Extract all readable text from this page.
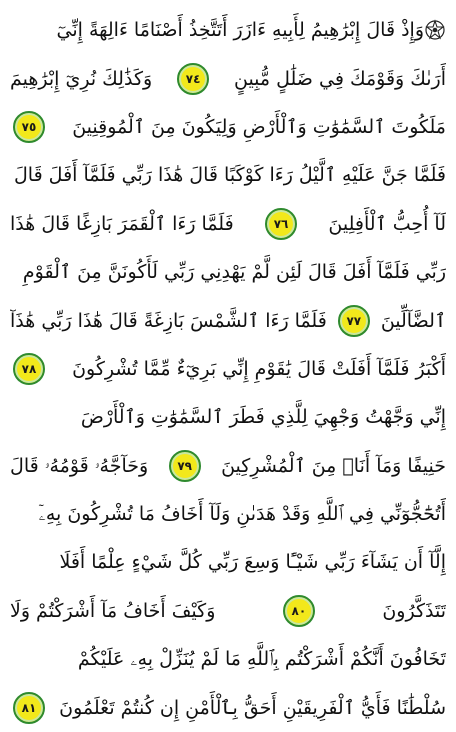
ﻭَإِذْ قَالَ إِبْرَٰهِيمُ لِأَبِيهِ ءَازَرَ أَتَتَّخِذُ أَصْنَامًا ءَالِهَةً إِنِّيٓ
أَرَىٰكَ وَقَوْمَكَ فِي ضَلَٰلٍ مُّبِينٍ
٧٤
وَكَذَٰلِكَ نُرِيٓ إِبْرَٰهِيمَ
مَلَكُوتَ ٱلسَّمَٰوَٰتِ وَٱلْأَرْضِ وَلِيَكُونَ مِنَ ٱلْمُوقِنِينَ
٧٥
فَلَمَّا جَنَّ عَلَيْهِ ٱلَّيْلُ رَءَا كَوْكَبًا قَالَ هَٰذَا رَبِّي فَلَمَّآ أَفَلَ قَالَ
لَآ أُحِبُّ ٱلْأَفِلِينَ
٧٦
فَلَمَّا رَءَا ٱلْقَمَرَ بَازِغًا قَالَ هَٰذَا
رَبِّي فَلَمَّآ أَفَلَ قَالَ لَئِن لَّمْ يَهْدِنِي رَبِّي لَأَكُونَنَّ مِنَ ٱلْقَوْمِ
ٱلضَّآلِّينَ
٧٧
فَلَمَّا رَءَا ٱلشَّمْسَ بَازِغَةً قَالَ هَٰذَا رَبِّي هَٰذَآ
أَكْبَرُ فَلَمَّآ أَفَلَتْ قَالَ يَٰقَوْمِ إِنِّي بَرِيٓءٌ مِّمَّا تُشْرِكُونَ
٧٨
إِنِّي وَجَّهْتُ وَجْهِيَ لِلَّذِي فَطَرَ ٱلسَّمَٰوَٰتِ وَٱلْأَرْضَ
حَنِيفًا وَمَآ أَنَا۠ مِنَ ٱلْمُشْرِكِينَ
٧٩
وَحَآجَّهُۥ قَوْمُهُۥ قَالَ
أَتُحَٰٓجُّوٓنِّي فِي ٱللَّهِ وَقَدْ هَدَىٰنِ وَلَآ أَخَافُ مَا تُشْرِكُونَ بِهِۦٓ
إِلَّآ أَن يَشَآءَ رَبِّي شَيْـًٔا وَسِعَ رَبِّي كُلَّ شَيْءٍ عِلْمًا أَفَلَا
تَتَذَكَّرُونَ
٨٠
وَكَيْفَ أَخَافُ مَآ أَشْرَكْتُمْ وَلَا
تَخَافُونَ أَنَّكُمْ أَشْرَكْتُم بِٱللَّهِ مَا لَمْ يُنَزِّلْ بِهِۦ عَلَيْكُمْ
سُلْطَٰنًا فَأَيُّ ٱلْفَرِيقَيْنِ أَحَقُّ بِٱلْأَمْنِ إِن كُنتُمْ تَعْلَمُونَ
٨١
